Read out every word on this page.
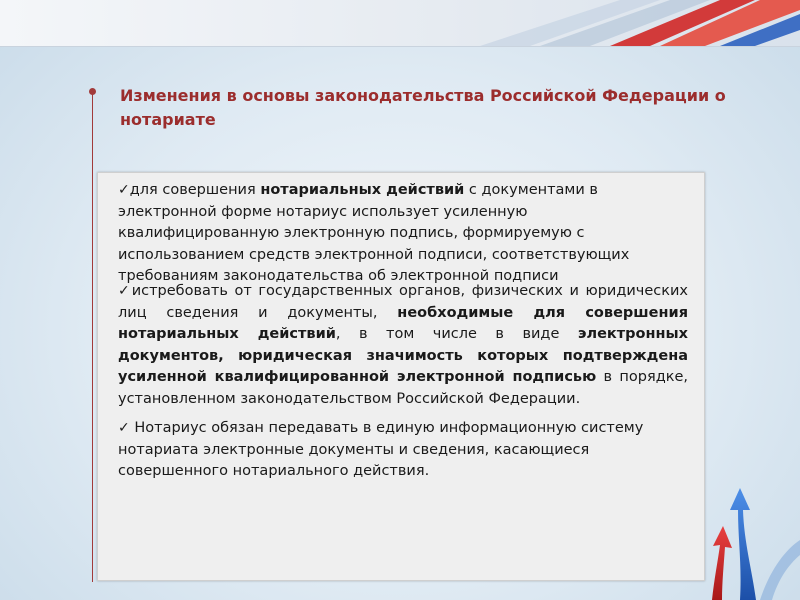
Изменения в основы законодательства Российской Федерации о нотариате
✓для совершения нотариальных действий с документами в электронной форме нотариус использует усиленную квалифицированную электронную подпись, формируемую с использованием средств электронной подписи, соответствующих требованиям законодательства об электронной подписи
✓истребовать от государственных органов, физических и юридических лиц сведения и документы, необходимые для совершения нотариальных действий, в том числе в виде электронных документов, юридическая значимость которых подтверждена усиленной квалифицированной электронной подписью в порядке, установленном законодательством Российской Федерации.
✓ Нотариус обязан передавать в единую информационную систему нотариата электронные документы и сведения, касающиеся совершенного нотариального действия.
